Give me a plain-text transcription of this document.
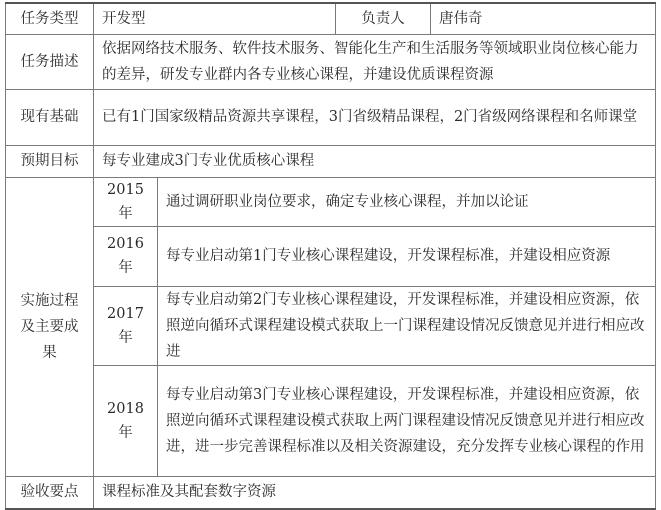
任务类型	开发型		负责人	唐伟奇
任务描述	依据网络技术服务、软件技术服务、智能化生产和生活服务等领域职业岗位核心能力的差异，研发专业群内各专业核心课程，并建设优质课程资源			
现有基础	已有1门国家级精品资源共享课程，3门省级精品课程，2门省级网络课程和名师课堂			
预期目标	每专业建成3门专业优质核心课程			
实施过程及主要成果	2015年	通过调研职业岗位要求，确定专业核心课程，并加以论证		
	2016年	每专业启动第1门专业核心课程建设，开发课程标准，并建设相应资源		
	2017年	每专业启动第2门专业核心课程建设，开发课程标准，并建设相应资源，依照逆向循环式课程建设模式获取上一门课程建设情况反馈意见并进行相应改进		
	2018年	每专业启动第3门专业核心课程建设，开发课程标准，并建设相应资源，依照逆向循环式课程建设模式获取上两门课程建设情况反馈意见并进行相应改进，进一步完善课程标准以及相关资源建设，充分发挥专业核心课程的作用		
验收要点	课程标准及其配套数字资源			
